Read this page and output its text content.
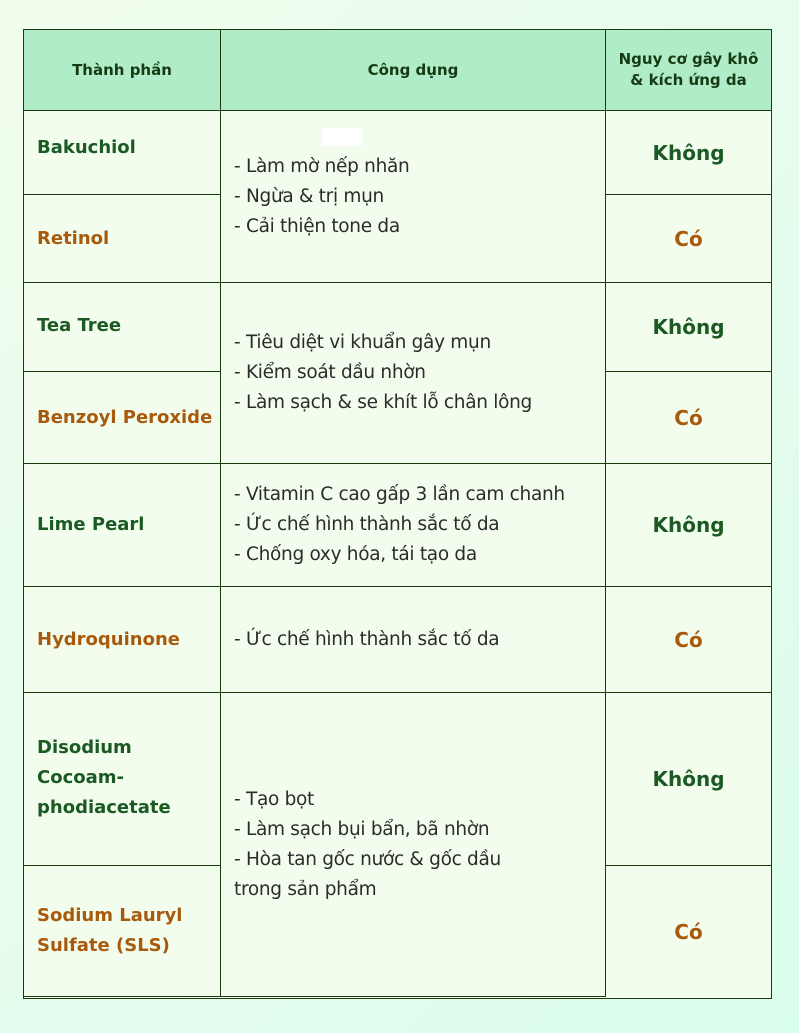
Thành phần	Công dụng
Nguy cơ gây khô & kích ứng da
Bakuchiol
Retinol
Tea Tree
Benzoyl Peroxide
Lime Pearl
Hydroquinone
Disodium
Cocoam-
phodiacetate
Sodium Lauryl
Sulfate (SLS)
- Làm mờ nếp nhăn
- Ngừa & trị mụn
- Cải thiện tone da
- Tiêu diệt vi khuẩn gây mụn
- Kiểm soát dầu nhờn
- Làm sạch & se khít lỗ chân lông
- Vitamin C cao gấp 3 lần cam chanh
- Ức chế hình thành sắc tố da
- Chống oxy hóa, tái tạo da
- Ức chế hình thành sắc tố da
- Tạo bọt
- Làm sạch bụi bẩn, bã nhờn
- Hòa tan gốc nước & gốc dầu
trong sản phẩm
Không
Có
Không
Có
Không
Có
Không
Có
